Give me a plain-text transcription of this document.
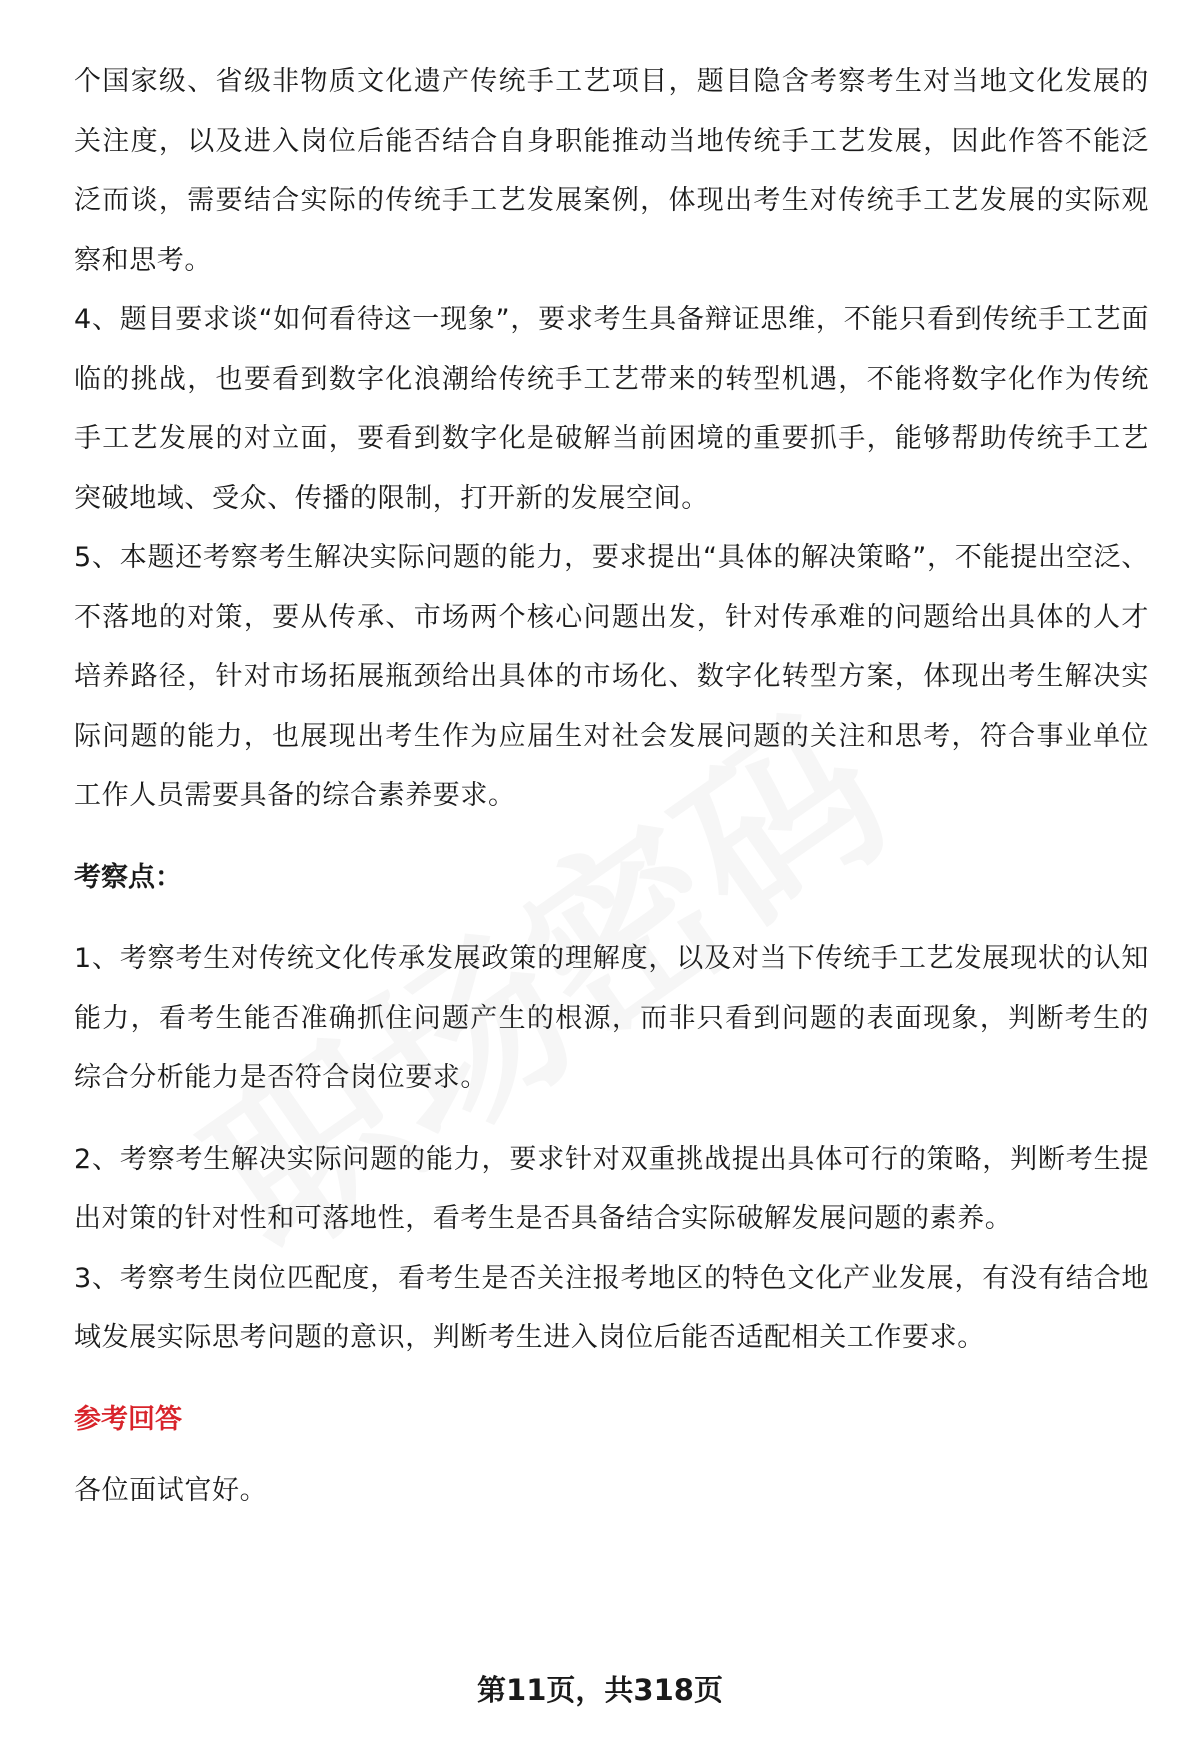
个国家级、省级非物质文化遗产传统手工艺项目，题目隐含考察考生对当地文化发展的关注度，以及进入岗位后能否结合自身职能推动当地传统手工艺发展，因此作答不能泛泛而谈，需要结合实际的传统手工艺发展案例，体现出考生对传统手工艺发展的实际观察和思考。

4、题目要求谈“如何看待这一现象”，要求考生具备辩证思维，不能只看到传统手工艺面临的挑战，也要看到数字化浪潮给传统手工艺带来的转型机遇，不能将数字化作为传统手工艺发展的对立面，要看到数字化是破解当前困境的重要抓手，能够帮助传统手工艺突破地域、受众、传播的限制，打开新的发展空间。

5、本题还考察考生解决实际问题的能力，要求提出“具体的解决策略”，不能提出空泛、不落地的对策，要从传承、市场两个核心问题出发，针对传承难的问题给出具体的人才培养路径，针对市场拓展瓶颈给出具体的市场化、数字化转型方案，体现出考生解决实际问题的能力，也展现出考生作为应届生对社会发展问题的关注和思考，符合事业单位工作人员需要具备的综合素养要求。

考察点：

1、考察考生对传统文化传承发展政策的理解度，以及对当下传统手工艺发展现状的认知能力，看考生能否准确抓住问题产生的根源，而非只看到问题的表面现象，判断考生的综合分析能力是否符合岗位要求。

2、考察考生解决实际问题的能力，要求针对双重挑战提出具体可行的策略，判断考生提出对策的针对性和可落地性，看考生是否具备结合实际破解发展问题的素养。

3、考察考生岗位匹配度，看考生是否关注报考地区的特色文化产业发展，有没有结合地域发展实际思考问题的意识，判断考生进入岗位后能否适配相关工作要求。

参考回答

各位面试官好。

第11页，共318页
